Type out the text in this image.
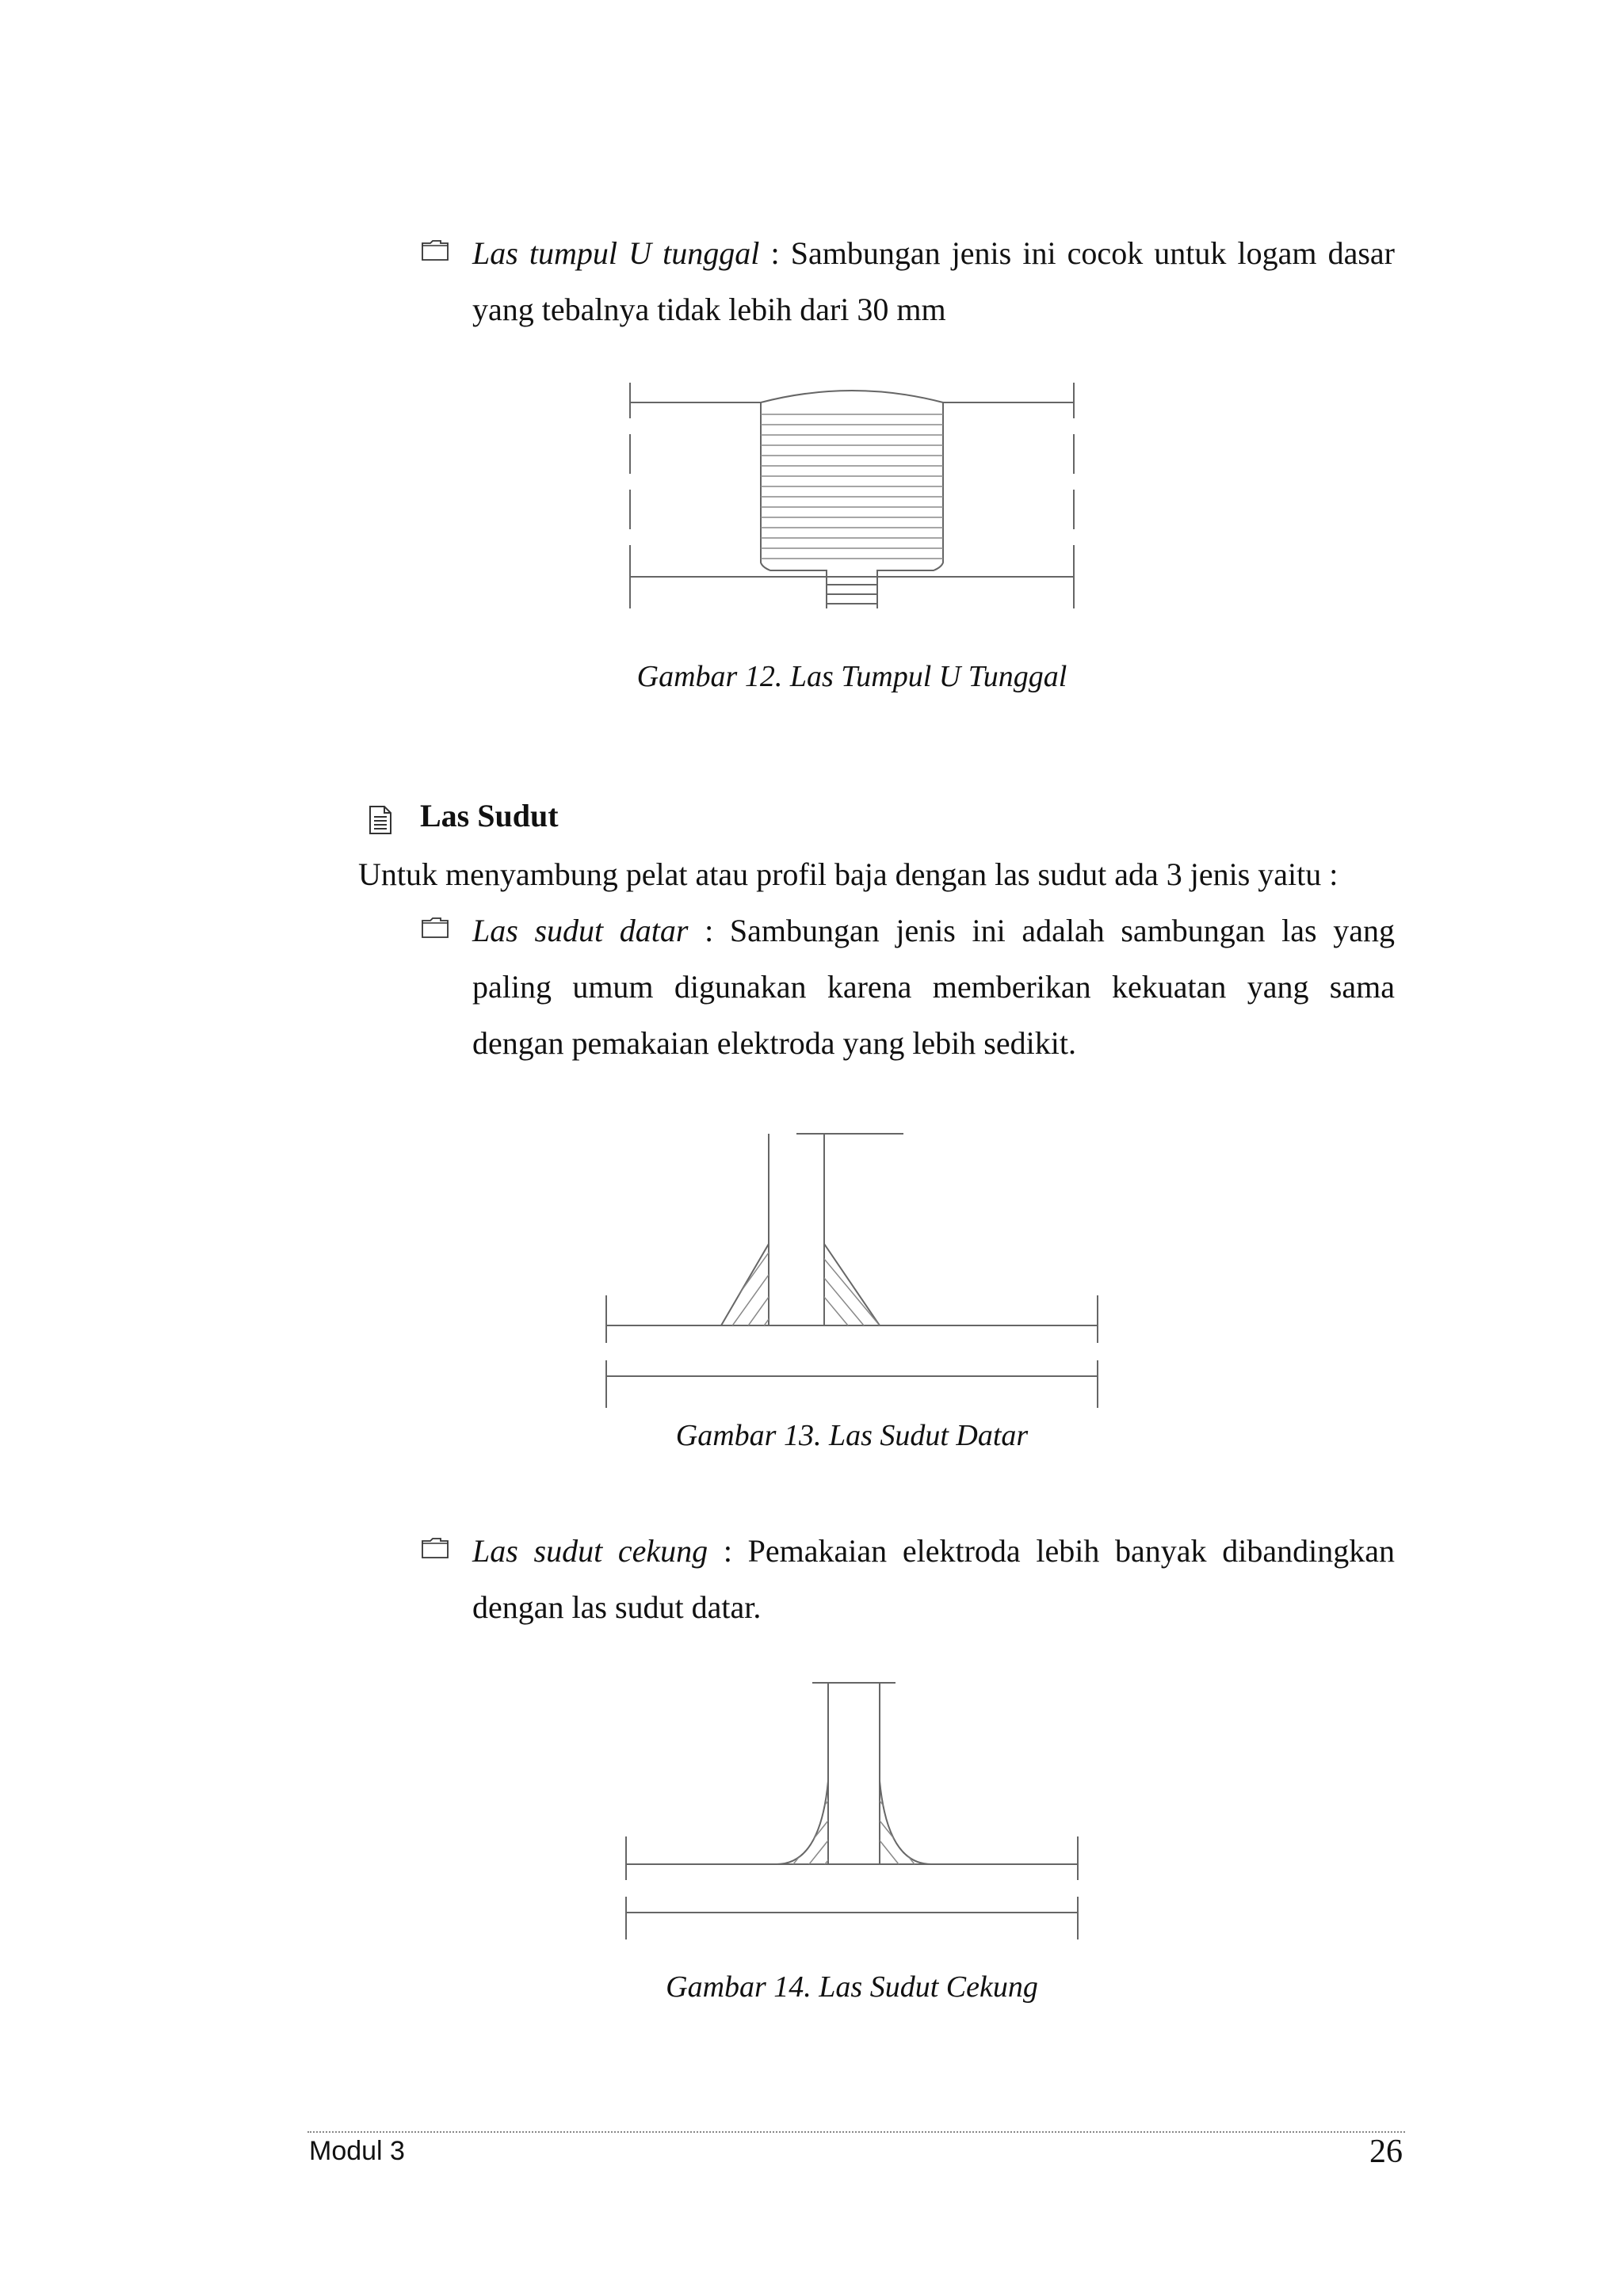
Las tumpul U tunggal : Sambungan jenis ini cocok untuk logam dasar
yang tebalnya tidak lebih dari 30 mm
Gambar 12. Las Tumpul U Tunggal
Las Sudut
Untuk menyambung pelat atau profil baja dengan las sudut ada 3 jenis yaitu :
Las sudut datar : Sambungan jenis ini adalah sambungan las yang
paling umum digunakan karena memberikan kekuatan yang sama
dengan pemakaian elektroda yang lebih sedikit.
Gambar 13. Las Sudut Datar
Las sudut cekung : Pemakaian elektroda lebih banyak dibandingkan
dengan las sudut datar.
Gambar 14. Las Sudut Cekung
Modul 3	26
